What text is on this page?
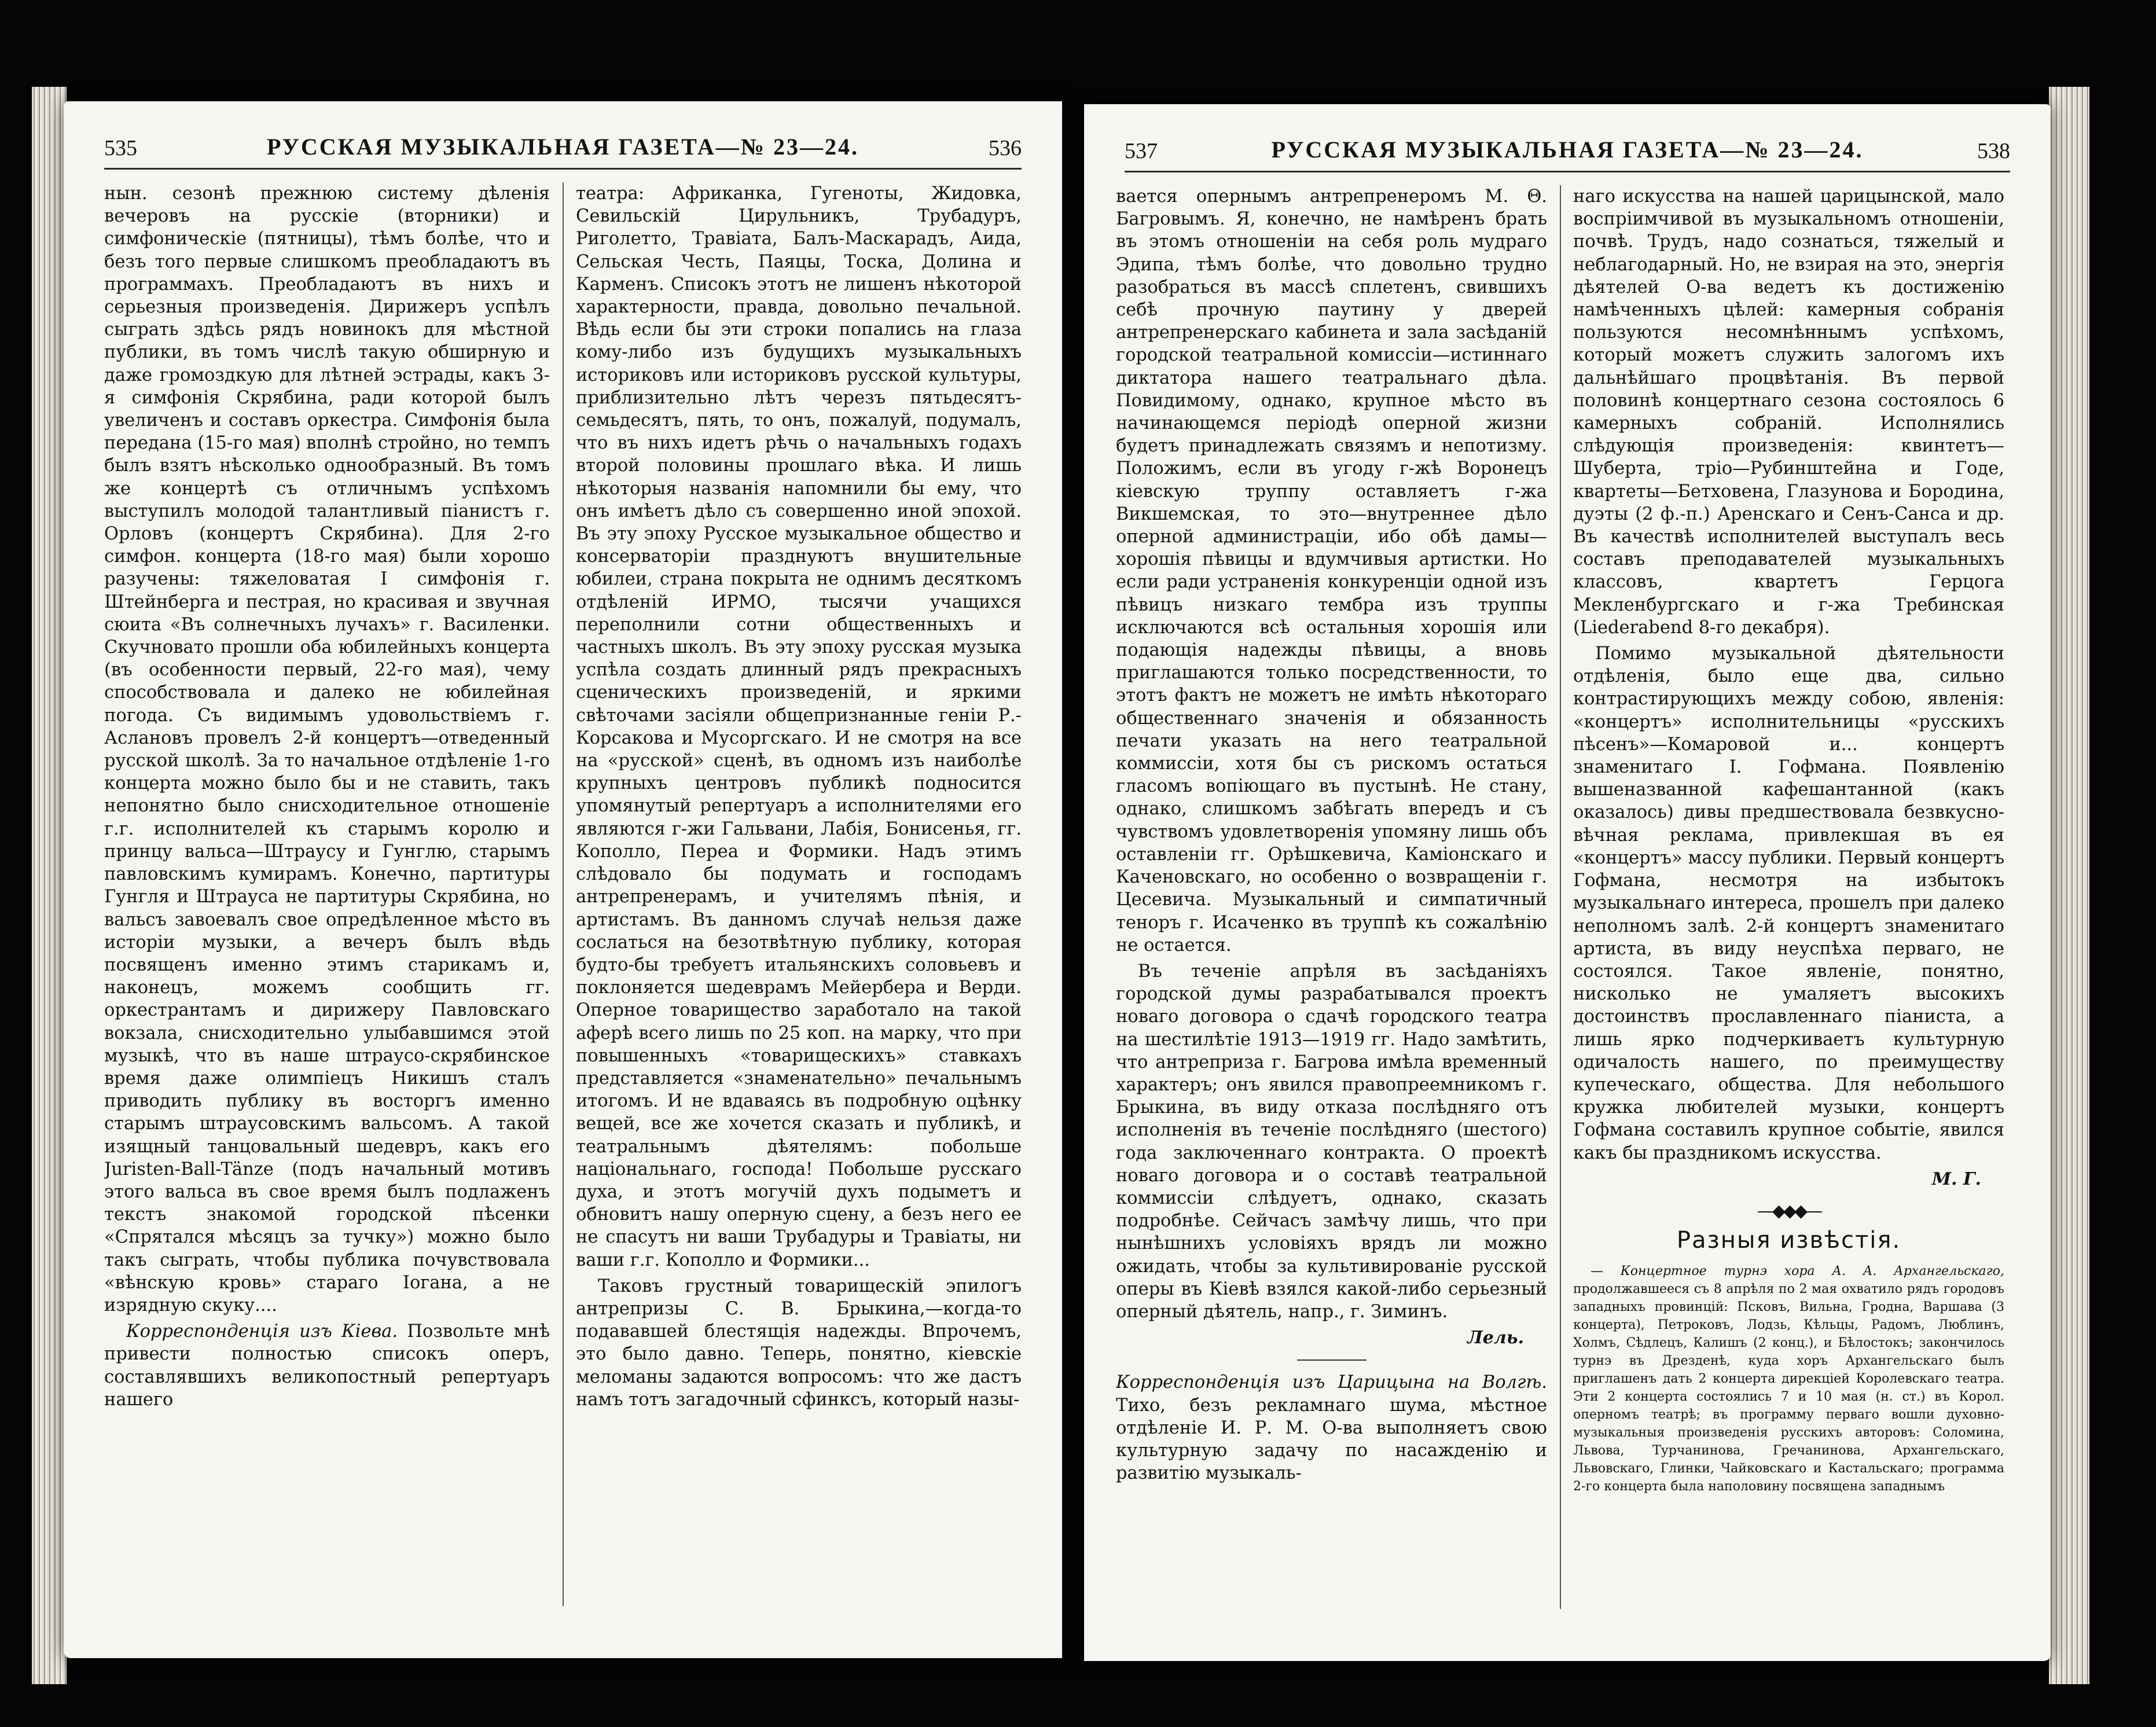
535	РУССКАЯ МУЗЫКАЛЬНАЯ ГАЗЕТА—№ 23—24.	536

нын. сезонѣ прежнюю систему дѣленія вечеровъ на русскіе (вторники) и симфоническіе (пятницы), тѣмъ болѣе, что и безъ того первые слишкомъ преобладаютъ въ программахъ. Преобладаютъ въ нихъ и серьезныя произведенія. Дирижеръ успѣлъ сыграть здѣсь рядъ новинокъ для мѣстной публики, въ томъ числѣ такую обширную и даже громоздкую для лѣтней эстрады, какъ 3-я симфонія Скрябина, ради которой былъ увеличенъ и составъ оркестра. Симфонія была передана (15-го мая) вполнѣ стройно, но темпъ былъ взятъ нѣсколько однообразный. Въ томъ же концертѣ съ отличнымъ успѣхомъ выступилъ молодой талантливый піанистъ г. Орловъ (концертъ Скрябина). Для 2-го симфон. концерта (18-го мая) были хорошо разучены: тяжеловатая I симфонія г. Штейнберга и пестрая, но красивая и звучная сюита «Въ солнечныхъ лучахъ» г. Василенки. Скучновато прошли оба юбилейныхъ концерта (въ особенности первый, 22-го мая), чему способствовала и далеко не юбилейная погода. Съ видимымъ удовольствіемъ г. Аслановъ провелъ 2-й концертъ—отведенный русской школѣ. За то начальное отдѣленіе 1-го концерта можно было бы и не ставить, такъ непонятно было снисходительное отношеніе г.г. исполнителей къ старымъ королю и принцу вальса—Штраусу и Гунглю, старымъ павловскимъ кумирамъ. Конечно, партитуры Гунгля и Штрауса не партитуры Скрябина, но вальсъ завоевалъ свое опредѣленное мѣсто въ исторіи музыки, а вечеръ былъ вѣдь посвященъ именно этимъ старикамъ и, наконецъ, можемъ сообщить гг. оркестрантамъ и дирижеру Павловскаго вокзала, снисходительно улыбавшимся этой музыкѣ, что въ наше штраусо-скрябинское время даже олимпіецъ Никишъ сталъ приводить публику въ восторгъ именно старымъ штраусовскимъ вальсомъ. А такой изящный танцовальный шедевръ, какъ его Juristen-Ball-Tänze (подъ начальный мотивъ этого вальса въ свое время былъ подлаженъ текстъ знакомой городской пѣсенки «Спрятался мѣсяцъ за тучку») можно было такъ сыграть, чтобы публика почувствовала «вѣнскую кровь» стараго Іогана, а не изрядную скуку....

Корреспонденція изъ Кіева. Позвольте мнѣ привести полностью списокъ оперъ, составлявшихъ великопостный репертуаръ нашего

театра: Африканка, Гугеноты, Жидовка, Севильскій Цирульникъ, Трубадуръ, Риголетто, Травіата, Балъ-Маскарадъ, Аида, Сельская Честь, Паяцы, Тоска, Долина и Карменъ. Списокъ этотъ не лишенъ нѣкоторой характерности, правда, довольно печальной. Вѣдь если бы эти строки попались на глаза кому-либо изъ будущихъ музыкальныхъ историковъ или историковъ русской культуры, приблизительно лѣтъ черезъ пятьдесятъ-семьдесятъ, пять, то онъ, пожалуй, подумалъ, что въ нихъ идетъ рѣчь о начальныхъ годахъ второй половины прошлаго вѣка. И лишь нѣкоторыя названія напомнили бы ему, что онъ имѣетъ дѣло съ совершенно иной эпохой. Въ эту эпоху Русское музыкальное общество и консерваторіи празднуютъ внушительные юбилеи, страна покрыта не однимъ десяткомъ отдѣленій ИРМО, тысячи учащихся переполнили сотни общественныхъ и частныхъ школъ. Въ эту эпоху русская музыка успѣла создать длинный рядъ прекрасныхъ сценическихъ произведеній, и яркими свѣточами засіяли общепризнанные геніи Р.-Корсакова и Мусоргскаго. И не смотря на все на «русской» сценѣ, въ одномъ изъ наиболѣе крупныхъ центровъ публикѣ подносится упомянутый репертуаръ а исполнителями его являются г-жи Гальвани, Лабія, Бонисенья, гг. Кополло, Переа и Формики. Надъ этимъ слѣдовало бы подумать и господамъ антрепренерамъ, и учителямъ пѣнія, и артистамъ. Въ данномъ случаѣ нельзя даже сослаться на безотвѣтную публику, которая будто-бы требуетъ итальянскихъ соловьевъ и поклоняется шедеврамъ Мейербера и Верди. Оперное товарищество заработало на такой аферѣ всего лишь по 25 коп. на марку, что при повышенныхъ «товарищескихъ» ставкахъ представляется «знаменательно» печальнымъ итогомъ. И не вдаваясь въ подробную оцѣнку вещей, все же хочется сказать и публикѣ, и театральнымъ дѣятелямъ: побольше національнаго, господа! Побольше русскаго духа, и этотъ могучій духъ подыметъ и обновитъ нашу оперную сцену, а безъ него ее не спасутъ ни ваши Трубадуры и Травіаты, ни ваши г.г. Кополло и Формики...

Таковъ грустный товарищескій эпилогъ антрепризы С. В. Брыкина,—когда-то подававшей блестящія надежды. Впрочемъ, это было давно. Теперь, понятно, кіевскіе меломаны задаются вопросомъ: что же дастъ намъ тотъ загадочный сфинксъ, который назы-

537	РУССКАЯ МУЗЫКАЛЬНАЯ ГАЗЕТА—№ 23—24.	538

вается опернымъ антрепренеромъ М. Θ. Багровымъ. Я, конечно, не намѣренъ брать въ этомъ отношеніи на себя роль мудраго Эдипа, тѣмъ болѣе, что довольно трудно разобраться въ массѣ сплетенъ, свившихъ себѣ прочную паутину у дверей антрепренерскаго кабинета и зала засѣданій городской театральной комиссіи—истиннаго диктатора нашего театральнаго дѣла. Повидимому, однако, крупное мѣсто въ начинающемся періодѣ оперной жизни будетъ принадлежать связямъ и непотизму. Положимъ, если въ угоду г-жѣ Воронецъ кіевскую труппу оставляетъ г-жа Викшемская, то это—внутреннее дѣло оперной администраціи, ибо обѣ дамы—хорошія пѣвицы и вдумчивыя артистки. Но если ради устраненія конкуренціи одной изъ пѣвицъ низкаго тембра изъ труппы исключаются всѣ остальныя хорошія или подающія надежды пѣвицы, а вновь приглашаются только посредственности, то этотъ фактъ не можетъ не имѣть нѣкотораго общественнаго значенія и обязанность печати указать на него театральной коммиссіи, хотя бы съ рискомъ остаться гласомъ вопіющаго въ пустынѣ. Не стану, однако, слишкомъ забѣгать впередъ и съ чувствомъ удовлетворенія упомяну лишь объ оставленіи гг. Орѣшкевича, Каміонскаго и Каченовскаго, но особенно о возвращеніи г. Цесевича. Музыкальный и симпатичный теноръ г. Исаченко въ труппѣ къ сожалѣнію не остается.

Въ теченіе апрѣля въ засѣданіяхъ городской думы разрабатывался проектъ новаго договора о сдачѣ городского театра на шестилѣтіе 1913—1919 гг. Надо замѣтить, что антреприза г. Багрова имѣла временный характеръ; онъ явился правопреемникомъ г. Брыкина, въ виду отказа послѣдняго отъ исполненія въ теченіе послѣдняго (шестого) года заключеннаго контракта. О проектѣ новаго договора и о составѣ театральной коммиссіи слѣдуетъ, однако, сказать подробнѣе. Сейчасъ замѣчу лишь, что при нынѣшнихъ условіяхъ врядъ ли можно ожидать, чтобы за культивированіе русской оперы въ Кіевѣ взялся какой-либо серьезный оперный дѣятель, напр., г. Зиминъ.

Лель.

Корреспонденція изъ Царицына на Волгѣ. Тихо, безъ рекламнаго шума, мѣстное отдѣленіе И. Р. М. О-ва выполняетъ свою культурную задачу по насажденію и развитію музыкаль-

наго искусства на нашей царицынской, мало воспріимчивой въ музыкальномъ отношеніи, почвѣ. Трудъ, надо сознаться, тяжелый и неблагодарный. Но, не взирая на это, энергія дѣятелей О-ва ведетъ къ достиженію намѣченныхъ цѣлей: камерныя собранія пользуются несомнѣннымъ успѣхомъ, который можетъ служить залогомъ ихъ дальнѣйшаго процвѣтанія. Въ первой половинѣ концертнаго сезона состоялось 6 камерныхъ собраній. Исполнялись слѣдующія произведенія: квинтетъ—Шуберта, тріо—Рубинштейна и Годе, квартеты—Бетховена, Глазунова и Бородина, дуэты (2 ф.-п.) Аренскаго и Сенъ-Санса и др. Въ качествѣ исполнителей выступалъ весь составъ преподавателей музыкальныхъ классовъ, квартетъ Герцога Мекленбургскаго и г-жа Требинская (Liederabend 8-го декабря).

Помимо музыкальной дѣятельности отдѣленія, было еще два, сильно контрастирующихъ между собою, явленія: «концертъ» исполнительницы «русскихъ пѣсенъ»—Комаровой и... концертъ знаменитаго І. Гофмана. Появленію вышеназванной кафешантанной (какъ оказалось) дивы предшествовала безвкусно-вѣчная реклама, привлекшая въ ея «концертъ» массу публики. Первый концертъ Гофмана, несмотря на избытокъ музыкальнаго интереса, прошелъ при далеко неполномъ залѣ. 2-й концертъ знаменитаго артиста, въ виду неуспѣха перваго, не состоялся. Такое явленіе, понятно, нисколько не умаляетъ высокихъ достоинствъ прославленнаго піаниста, а лишь ярко подчеркиваетъ культурную одичалость нашего, по преимуществу купеческаго, общества. Для небольшого кружка любителей музыки, концертъ Гофмана составилъ крупное событіе, явился какъ бы праздникомъ искусства.

М. Г.
—◆◆◆—
Разныя извѣстія.

— Концертное турнэ хора А. А. Архангельскаго, продолжавшееся съ 8 апрѣля по 2 мая охватило рядъ городовъ западныхъ провинцій: Псковъ, Вильна, Гродна, Варшава (3 концерта), Петроковъ, Лодзь, Кѣльцы, Радомъ, Люблинъ, Холмъ, Сѣдлецъ, Калишъ (2 конц.), и Бѣлостокъ; закончилось турнэ въ Дрезденѣ, куда хоръ Архангельскаго былъ приглашенъ дать 2 концерта дирекціей Королевскаго театра. Эти 2 концерта состоялись 7 и 10 мая (н. ст.) въ Корол. оперномъ театрѣ; въ программу перваго вошли духовно-музыкальныя произведенія русскихъ авторовъ: Соломина, Львова, Турчанинова, Гречанинова, Архангельскаго, Львовскаго, Глинки, Чайковскаго и Кастальскаго; программа 2-го концерта была наполовину посвящена западнымъ
